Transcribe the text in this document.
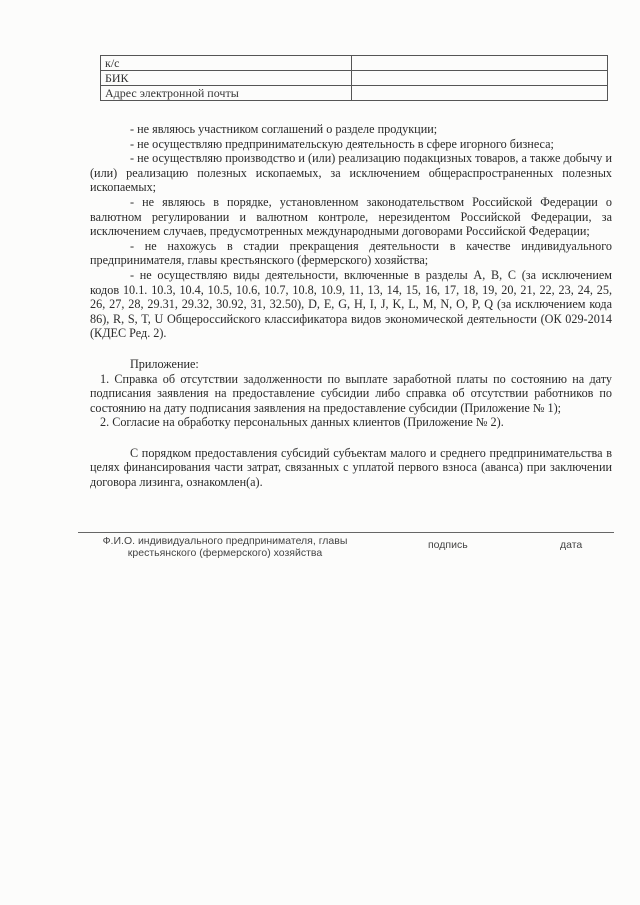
к/с	
БИК	
Адрес электронной почты	

- не являюсь участником соглашений о разделе продукции;

- не осуществляю предпринимательскую деятельность в сфере игорного бизнеса;

- не осуществляю производство и (или) реализацию подакцизных товаров, а также добычу и (или) реализацию полезных ископаемых, за исключением общераспространенных полезных ископаемых;

- не являюсь в порядке, установленном законодательством Российской Федерации о валютном регулировании и валютном контроле, нерезидентом Российской Федерации, за исключением случаев, предусмотренных международными договорами Российской Федерации;

- не нахожусь в стадии прекращения деятельности в качестве индивидуального предпринимателя, главы крестьянского (фермерского) хозяйства;

- не осуществляю виды деятельности, включенные в разделы A, B, C (за исключением кодов 10.1. 10.3, 10.4, 10.5, 10.6, 10.7, 10.8, 10.9, 11, 13, 14, 15, 16, 17, 18, 19, 20, 21, 22, 23, 24, 25, 26, 27, 28, 29.31, 29.32, 30.92, 31, 32.50), D, E, G, H, I, J, K, L, M, N, O, P, Q (за исключением кода 86), R, S, T, U Общероссийского классификатора видов экономической деятельности (ОК 029-2014 (КДЕС Ред. 2).

Приложение:

1. Справка об отсутствии задолженности по выплате заработной платы по состоянию на дату подписания заявления на предоставление субсидии либо справка об отсутствии работников по состоянию на дату подписания заявления на предоставление субсидии (Приложение № 1);

2. Согласие на обработку персональных данных клиентов (Приложение № 2).

С порядком предоставления субсидий субъектам малого и среднего предпринимательства в целях финансирования части затрат, связанных с уплатой первого взноса (аванса) при заключении договора лизинга, ознакомлен(а).

Ф.И.О. индивидуального предпринимателя, главы крестьянского (фермерского) хозяйства
подпись	дата
